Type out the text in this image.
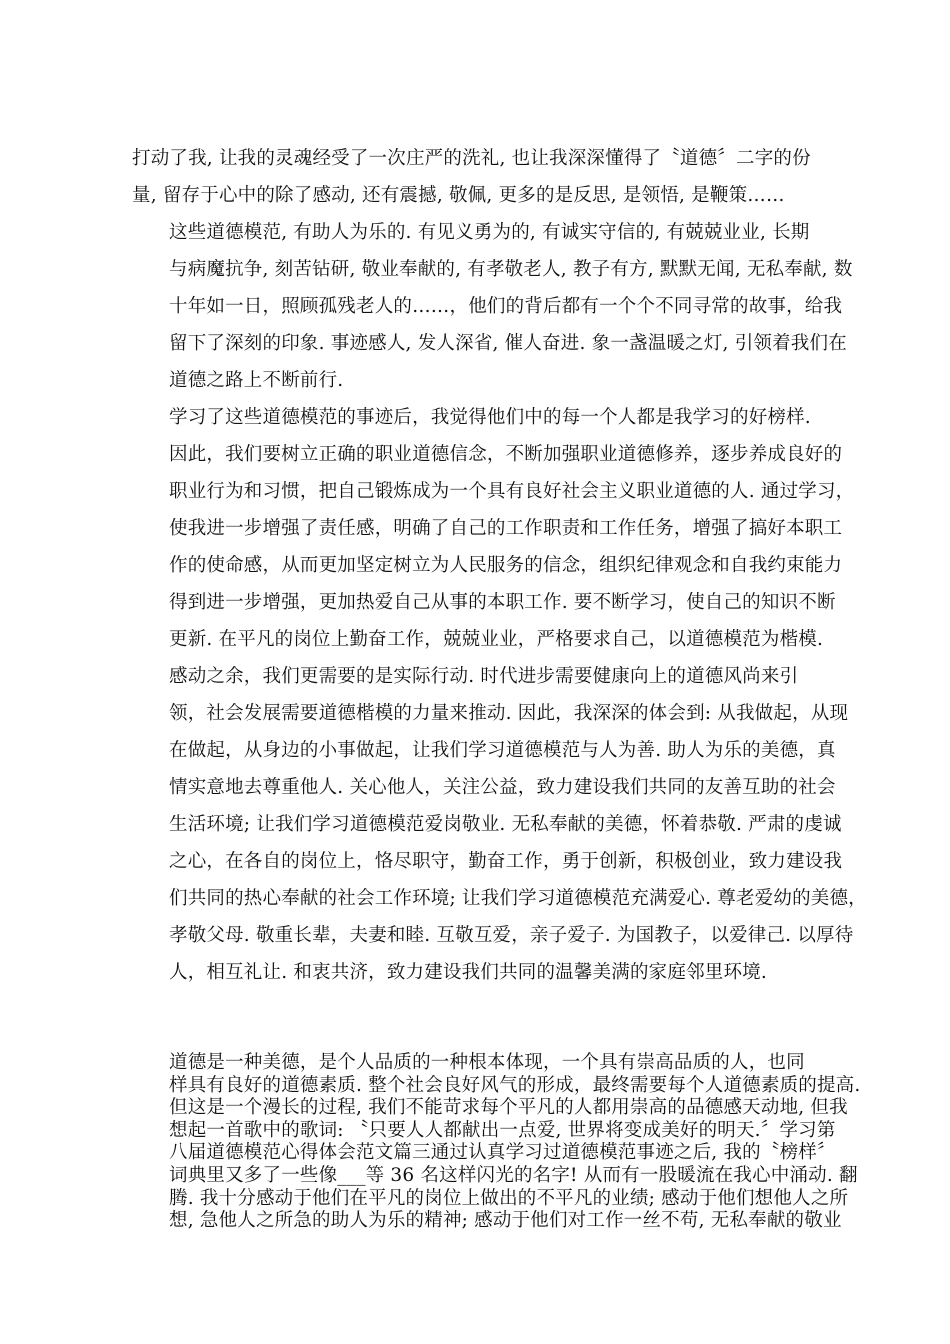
打动了我, 让我的灵魂经受了一次庄严的洗礼, 也让我深深懂得了〝道德〞二字的份
量, 留存于心中的除了感动, 还有震撼, 敬佩, 更多的是反思, 是领悟, 是鞭策……

这些道德模范, 有助人为乐的. 有见义勇为的, 有诚实守信的, 有兢兢业业, 长期
与病魔抗争, 刻苦钻研, 敬业奉献的, 有孝敬老人, 教子有方, 默默无闻, 无私奉献, 数
十年如一日，照顾孤残老人的……，他们的背后都有一个个不同寻常的故事，给我
留下了深刻的印象. 事迹感人, 发人深省, 催人奋进. 象一盏温暖之灯, 引领着我们在
道德之路上不断前行.

学习了这些道德模范的事迹后，我觉得他们中的每一个人都是我学习的好榜样.
因此，我们要树立正确的职业道德信念，不断加强职业道德修养，逐步养成良好的
职业行为和习惯，把自己锻炼成为一个具有良好社会主义职业道德的人. 通过学习，
使我进一步增强了责任感，明确了自己的工作职责和工作任务，增强了搞好本职工
作的使命感，从而更加坚定树立为人民服务的信念，组织纪律观念和自我约束能力
得到进一步增强，更加热爱自己从事的本职工作. 要不断学习，使自己的知识不断
更新. 在平凡的岗位上勤奋工作，兢兢业业，严格要求自己，以道德模范为楷模.

感动之余，我们更需要的是实际行动. 时代进步需要健康向上的道德风尚来引
领，社会发展需要道德楷模的力量来推动. 因此，我深深的体会到: 从我做起，从现
在做起，从身边的小事做起，让我们学习道德模范与人为善. 助人为乐的美德，真
情实意地去尊重他人. 关心他人，关注公益，致力建设我们共同的友善互助的社会
生活环境; 让我们学习道德模范爱岗敬业. 无私奉献的美德，怀着恭敬. 严肃的虔诚
之心，在各自的岗位上，恪尽职守，勤奋工作，勇于创新，积极创业，致力建设我
们共同的热心奉献的社会工作环境; 让我们学习道德模范充满爱心. 尊老爱幼的美德，
孝敬父母. 敬重长辈，夫妻和睦. 互敬互爱，亲子爱子. 为国教子，以爱律己. 以厚待
人，相互礼让. 和衷共济，致力建设我们共同的温馨美满的家庭邻里环境.

道德是一种美德，是个人品质的一种根本体现，一个具有崇高品质的人，也同
样具有良好的道德素质. 整个社会良好风气的形成，最终需要每个人道德素质的提高.
但这是一个漫长的过程, 我们不能苛求每个平凡的人都用崇高的品德感天动地, 但我
想起一首歌中的歌词: 〝只要人人都献出一点爱, 世界将变成美好的明天.〞学习第
八届道德模范心得体会范文篇三通过认真学习过道德模范事迹之后, 我的〝榜样〞
词典里又多了一些像___等 36 名这样闪光的名字! 从而有一股暖流在我心中涌动. 翻
腾. 我十分感动于他们在平凡的岗位上做出的不平凡的业绩; 感动于他们想他人之所
想, 急他人之所急的助人为乐的精神; 感动于他们对工作一丝不苟, 无私奉献的敬业
